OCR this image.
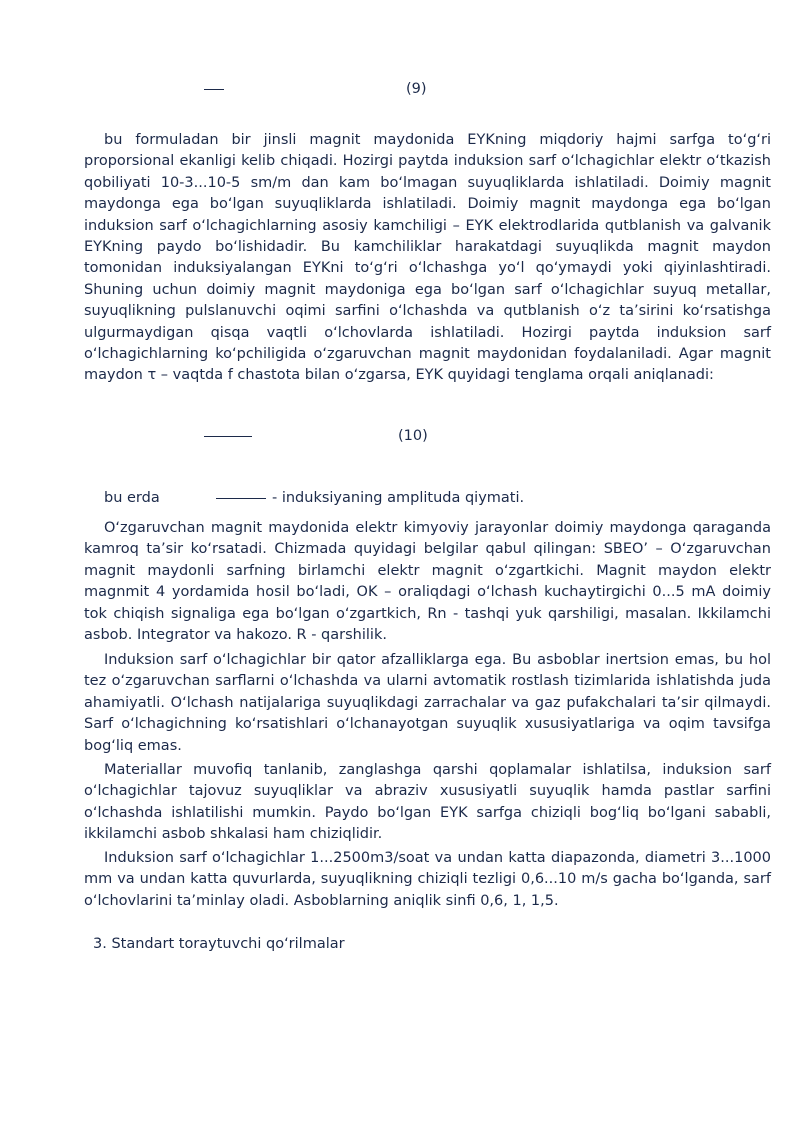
(9)

bu formuladan bir jinsli magnit maydonida EYKning miqdoriy hajmi sarfga to‘g‘ri proporsional ekanligi kelib chiqadi. Hozirgi paytda induksion sarf o‘lchagichlar elektr o‘tkazish qobiliyati 10-3...10-5 sm/m dan kam bo‘lmagan suyuqliklarda ishlatiladi. Doimiy magnit maydonga ega bo‘lgan suyuqliklarda ishlatiladi. Doimiy magnit maydonga ega bo‘lgan induksion sarf o‘lchagichlarning asosiy kamchiligi – EYK elektrodlarida qutblanish va galvanik EYKning paydo bo‘lishidadir. Bu kamchiliklar harakatdagi suyuqlikda magnit maydon tomonidan induksiyalangan EYKni to‘g‘ri o‘lchashga yo‘l qo‘ymaydi yoki qiyinlashtiradi. Shuning uchun doimiy magnit maydoniga ega bo‘lgan sarf o‘lchagichlar suyuq metallar, suyuqlikning pulslanuvchi oqimi sarfini o‘lchashda va qutblanish o‘z ta’sirini ko‘rsatishga ulgurmaydigan qisqa vaqtli o‘lchovlarda ishlatiladi. Hozirgi paytda induksion sarf o‘lchagichlarning ko‘pchiligida o‘zgaruvchan magnit maydonidan foydalaniladi. Agar magnit maydon τ – vaqtda f chastota bilan o‘zgarsa, EYK quyidagi tenglama orqali aniqlanadi:

(10)
bu erda	- induksiyaning amplituda qiymati.

O‘zgaruvchan magnit maydonida elektr kimyoviy jarayonlar doimiy maydonga qaraganda kamroq ta’sir ko‘rsatadi. Chizmada quyidagi belgilar qabul qilingan: SBEO’ – O‘zgaruvchan magnit maydonli sarfning birlamchi elektr magnit o‘zgartkichi. Magnit maydon elektr magnmit 4 yordamida hosil bo‘ladi, OK – oraliqdagi o‘lchash kuchaytirgichi 0...5 mA doimiy tok chiqish signaliga ega bo‘lgan o‘zgartkich, Rn - tashqi yuk qarshiligi, masalan. Ikkilamchi asbob. Integrator va hakozo. R - qarshilik.

Induksion sarf o‘lchagichlar bir qator afzalliklarga ega. Bu asboblar inertsion emas, bu hol tez o‘zgaruvchan sarflarni o‘lchashda va ularni avtomatik rostlash tizimlarida ishlatishda juda ahamiyatli. O‘lchash natijalariga suyuqlikdagi zarrachalar va gaz pufakchalari ta’sir qilmaydi. Sarf o‘lchagichning ko‘rsatishlari o‘lchanayotgan suyuqlik xususiyatlariga va oqim tavsifga bog‘liq emas.

Materiallar muvofiq tanlanib, zanglashga qarshi qoplamalar ishlatilsa, induksion sarf o‘lchagichlar tajovuz suyuqliklar va abraziv xususiyatli suyuqlik hamda pastlar sarfini o‘lchashda ishlatilishi mumkin. Paydo bo‘lgan EYK sarfga chiziqli bog‘liq bo‘lgani sababli, ikkilamchi asbob shkalasi ham chiziqlidir.

Induksion sarf o‘lchagichlar 1...2500m3/soat va undan katta diapazonda, diametri 3...1000 mm va undan katta quvurlarda, suyuqlikning chiziqli tezligi 0,6...10 m/s gacha bo‘lganda, sarf o‘lchovlarini ta’minlay oladi. Asboblarning aniqlik sinfi 0,6, 1, 1,5.

3. Standart toraytuvchi qo‘rilmalar
